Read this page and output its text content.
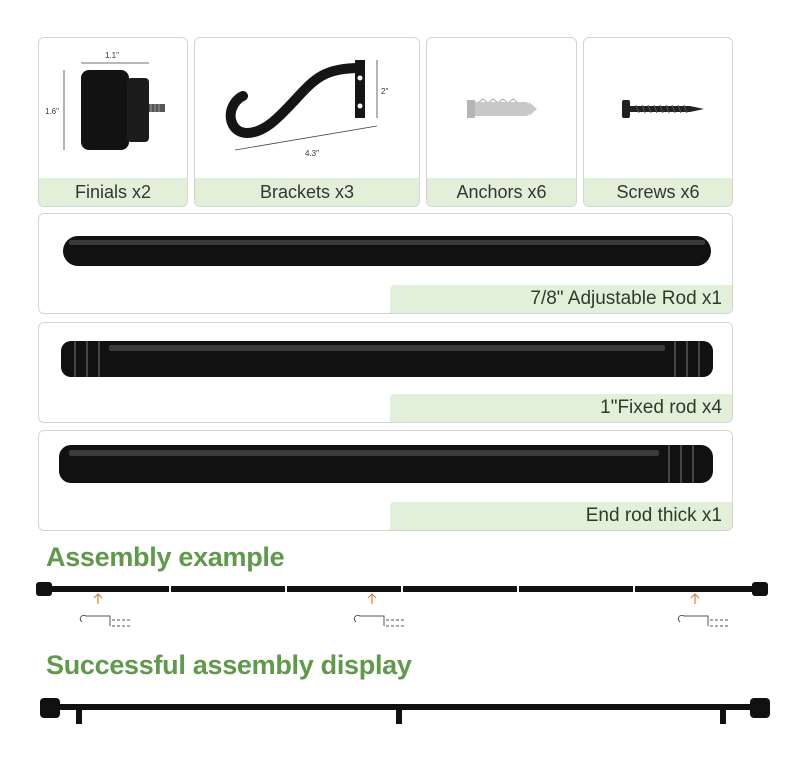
1.1"
1.6"
Finials x2
2"
4.3"
Brackets x3	Anchors x6	Screws x6
7/8" Adjustable Rod x1
1"Fixed rod x4
End rod thick x1
Assembly example
Successful assembly display
